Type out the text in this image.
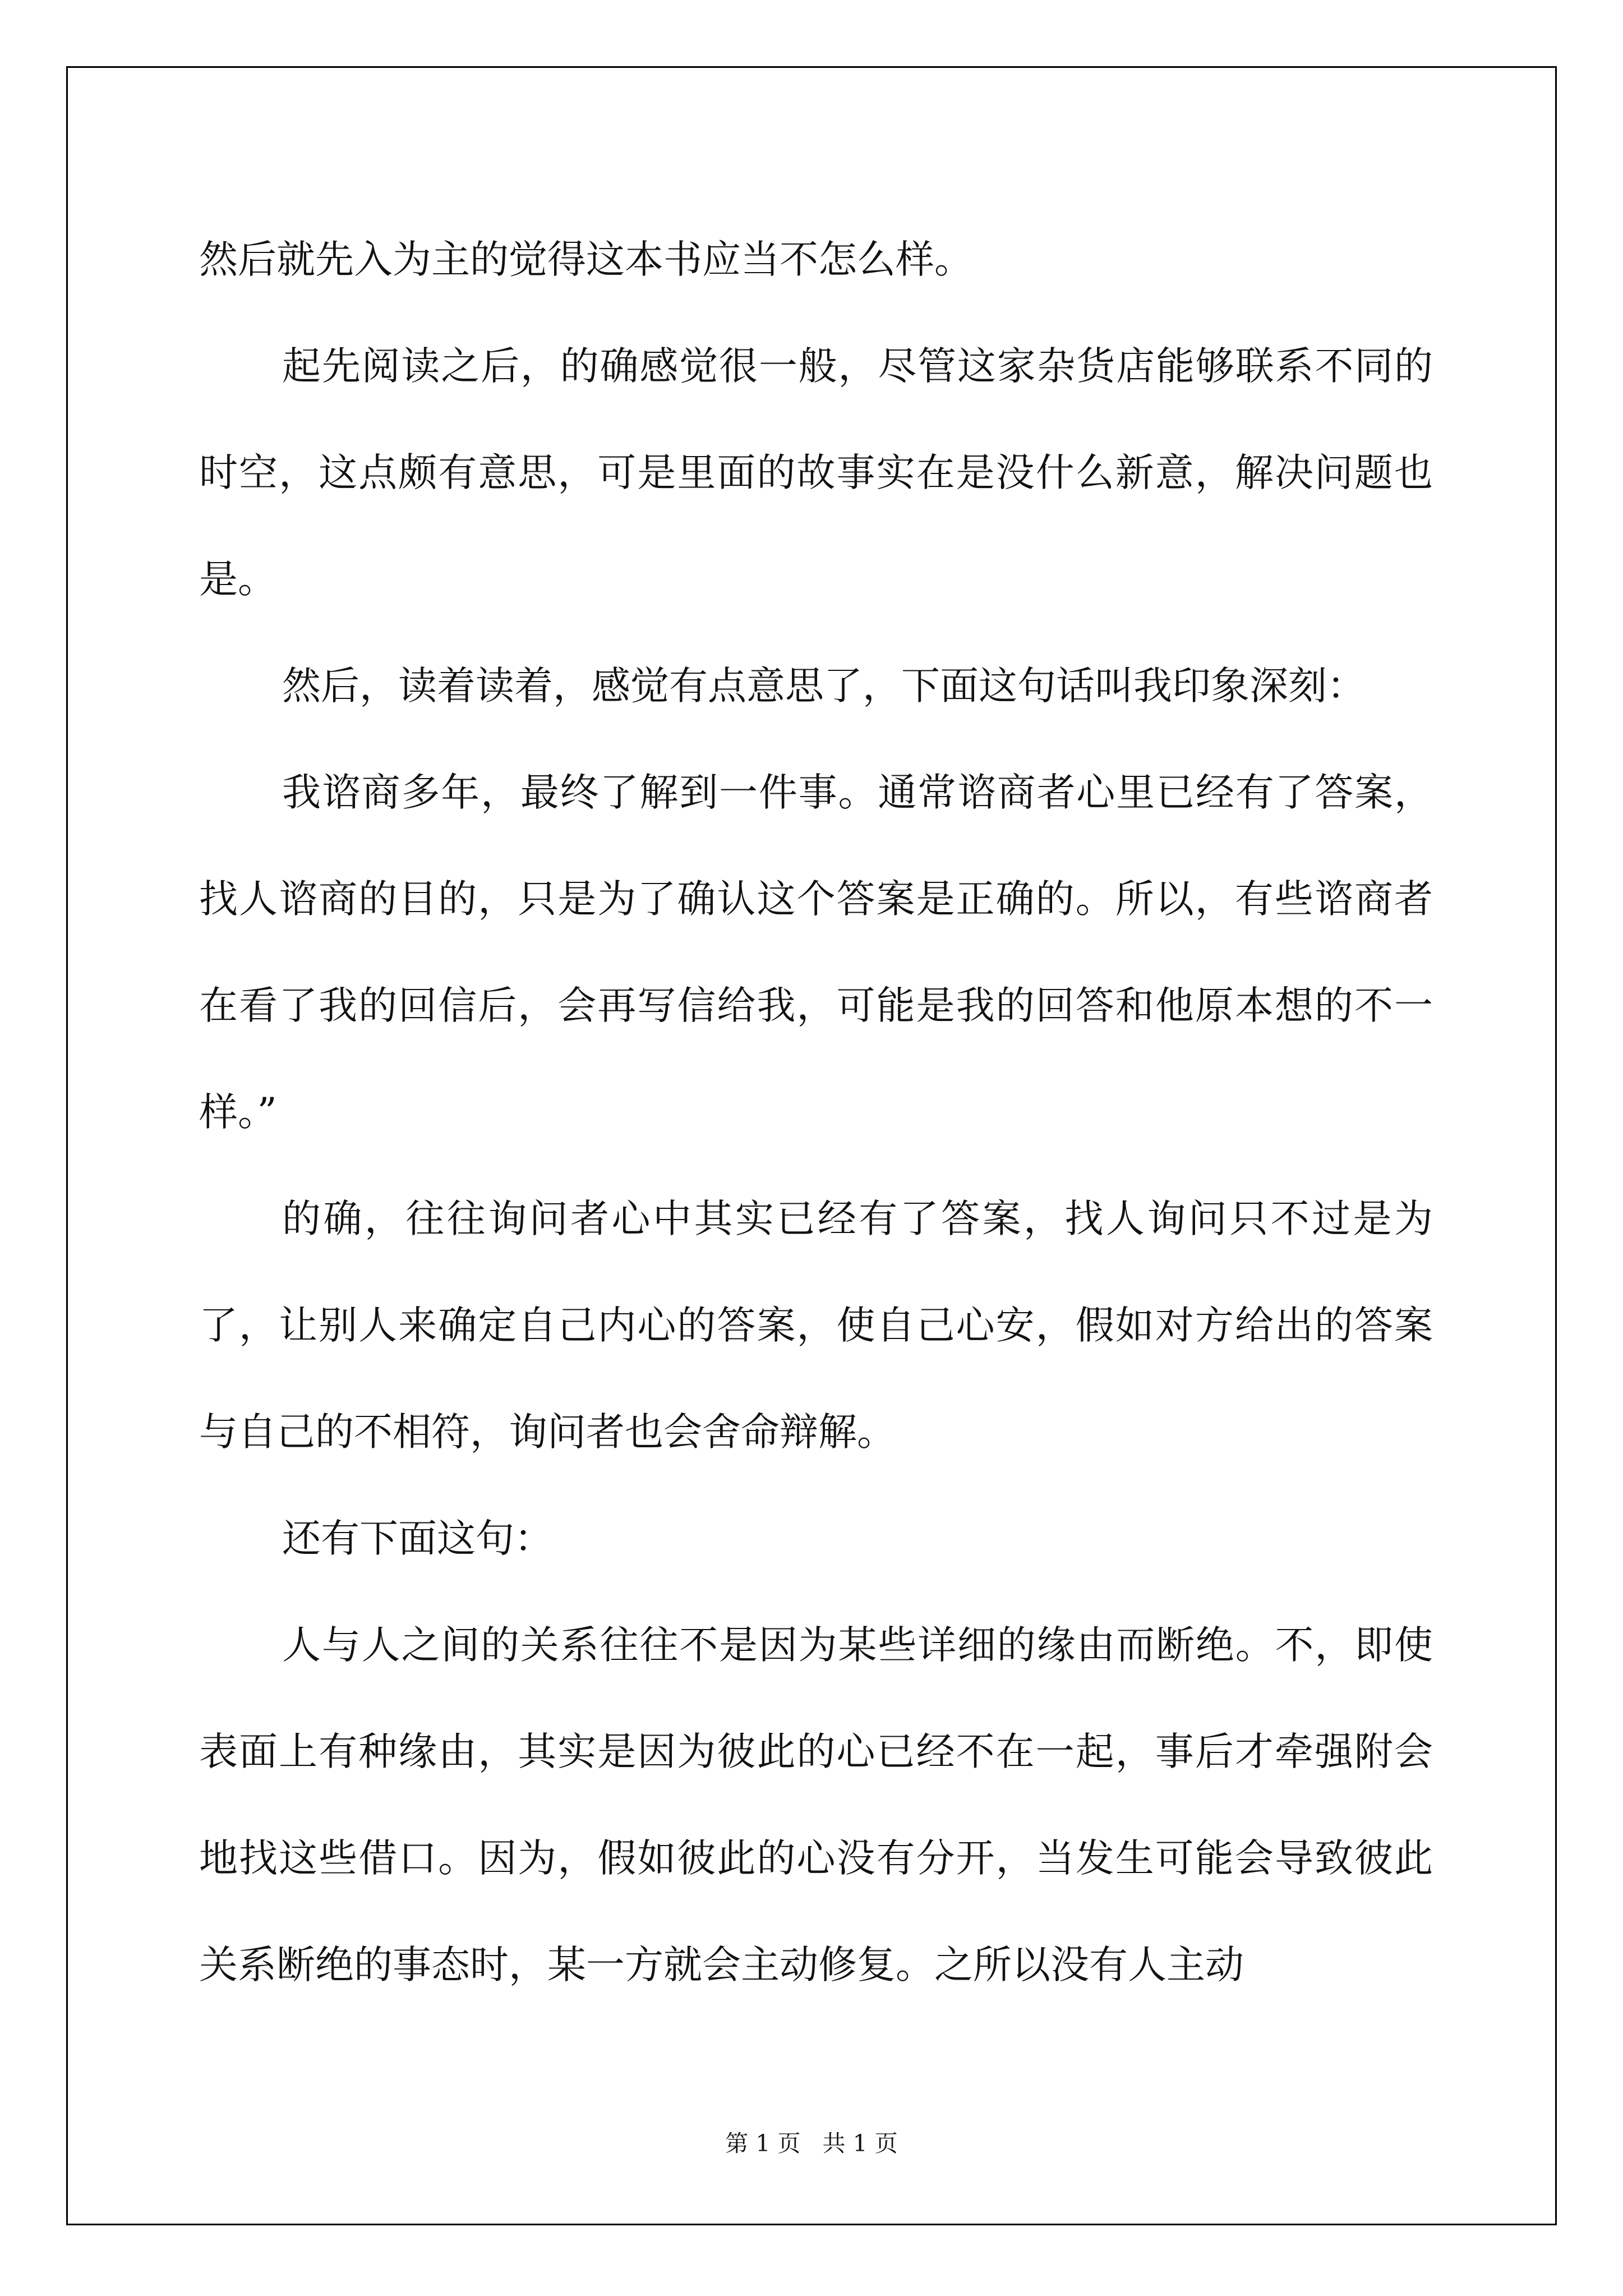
然后就先入为主的觉得这本书应当不怎么样。

起先阅读之后，的确感觉很一般，尽管这家杂货店能够联系不同的时空，这点颇有意思，可是里面的故事实在是没什么新意，解决问题也是。

然后，读着读着，感觉有点意思了，下面这句话叫我印象深刻：

我谘商多年，最终了解到一件事。通常谘商者心里已经有了答案，找人谘商的目的，只是为了确认这个答案是正确的。所以，有些谘商者在看了我的回信后，会再写信给我，可能是我的回答和他原本想的不一样。”

的确，往往询问者心中其实已经有了答案，找人询问只不过是为了，让别人来确定自己内心的答案，使自己心安，假如对方给出的答案与自己的不相符，询问者也会舍命辩解。

还有下面这句：

人与人之间的关系往往不是因为某些详细的缘由而断绝。不，即使表面上有种缘由，其实是因为彼此的心已经不在一起，事后才牵强附会地找这些借口。因为，假如彼此的心没有分开，当发生可能会导致彼此关系断绝的事态时，某一方就会主动修复。之所以没有人主动

第 1 页   共 1 页
